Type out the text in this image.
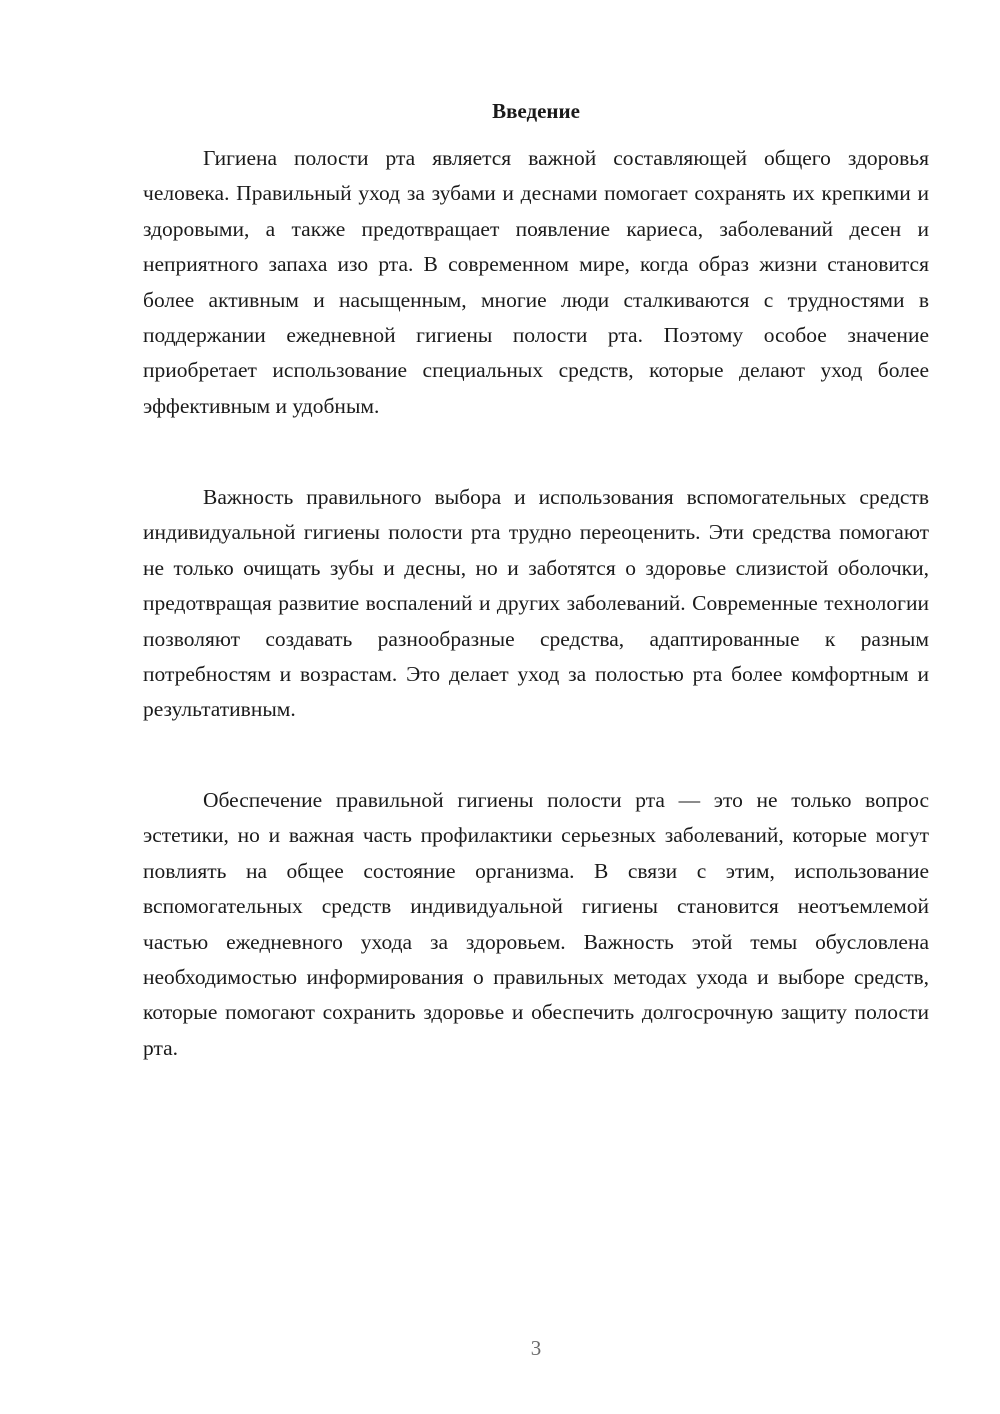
Введение

Гигиена полости рта является важной составляющей общего здоровья человека. Правильный уход за зубами и деснами помогает сохранять их крепкими и здоровыми, а также предотвращает появление кариеса, заболеваний десен и неприятного запаха изо рта. В современном мире, когда образ жизни становится более активным и насыщенным, многие люди сталкиваются с трудностями в поддержании ежедневной гигиены полости рта. Поэтому особое значение приобретает использование специальных средств, которые делают уход более эффективным и удобным.

Важность правильного выбора и использования вспомогательных средств индивидуальной гигиены полости рта трудно переоценить. Эти средства помогают не только очищать зубы и десны, но и заботятся о здоровье слизистой оболочки, предотвращая развитие воспалений и других заболеваний. Современные технологии позволяют создавать разнообразные средства, адаптированные к разным потребностям и возрастам. Это делает уход за полостью рта более комфортным и результативным.

Обеспечение правильной гигиены полости рта — это не только вопрос эстетики, но и важная часть профилактики серьезных заболеваний, которые могут повлиять на общее состояние организма. В связи с этим, использование вспомогательных средств индивидуальной гигиены становится неотъемлемой частью ежедневного ухода за здоровьем. Важность этой темы обусловлена необходимостью информирования о правильных методах ухода и выборе средств, которые помогают сохранить здоровье и обеспечить долгосрочную защиту полости рта.

3
